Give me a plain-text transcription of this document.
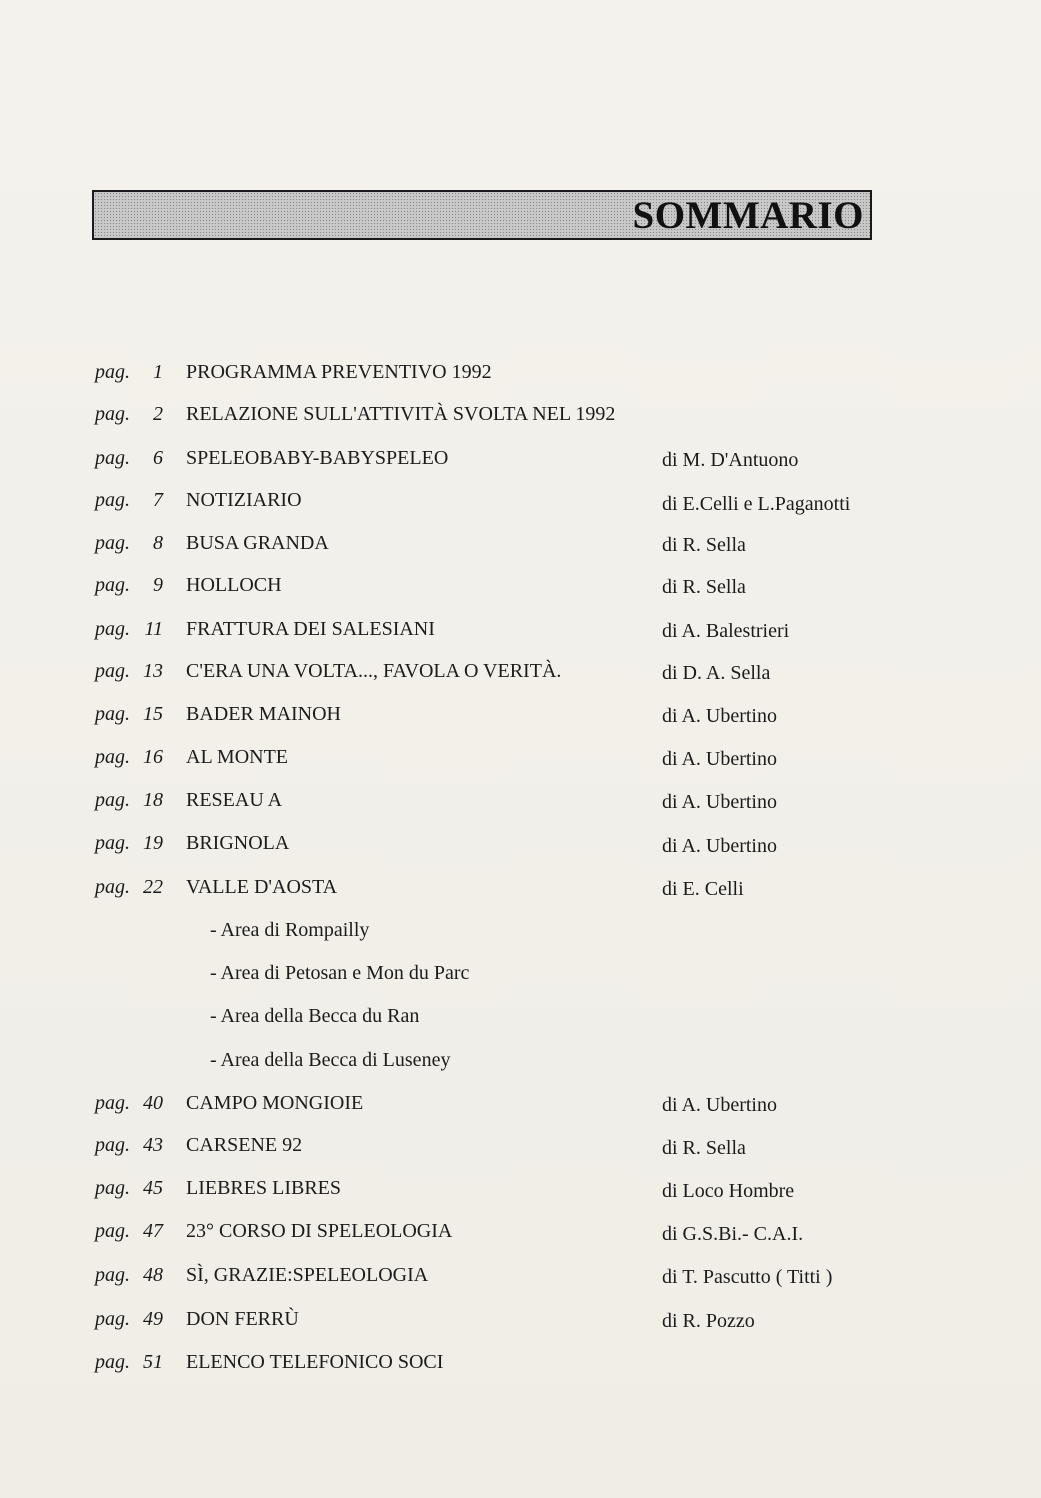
SOMMARIO
pag. 1 PROGRAMMA PREVENTIVO 1992
pag. 2 RELAZIONE SULL'ATTIVITÀ SVOLTA NEL 1992
pag. 6 SPELEOBABY-BABYSPELEO	di M. D'Antuono
pag. 7 NOTIZIARIO	di E.Celli e L.Paganotti
pag. 8 BUSA GRANDA	di R. Sella
pag. 9 HOLLOCH	di R. Sella
pag. 11 FRATTURA DEI SALESIANI	di A. Balestrieri
pag. 13 C'ERA UNA VOLTA..., FAVOLA O VERITÀ.	di D. A. Sella
pag. 15 BADER MAINOH	di A. Ubertino
pag. 16 AL MONTE	di A. Ubertino
pag. 18 RESEAU A	di A. Ubertino
pag. 19 BRIGNOLA	di A. Ubertino
pag. 22 VALLE D'AOSTA	di E. Celli
- Area di Rompailly
- Area di Petosan e Mon du Parc
- Area della Becca du Ran
- Area della Becca di Luseney
pag. 40 CAMPO MONGIOIE	di A. Ubertino
pag. 43 CARSENE 92	di R. Sella
pag. 45 LIEBRES LIBRES	di Loco Hombre
pag. 47 23° CORSO DI SPELEOLOGIA	di G.S.Bi.- C.A.I.
pag. 48 SÌ, GRAZIE:SPELEOLOGIA	di T. Pascutto ( Titti )
pag. 49 DON FERRÙ	di R. Pozzo
pag. 51 ELENCO TELEFONICO SOCI
